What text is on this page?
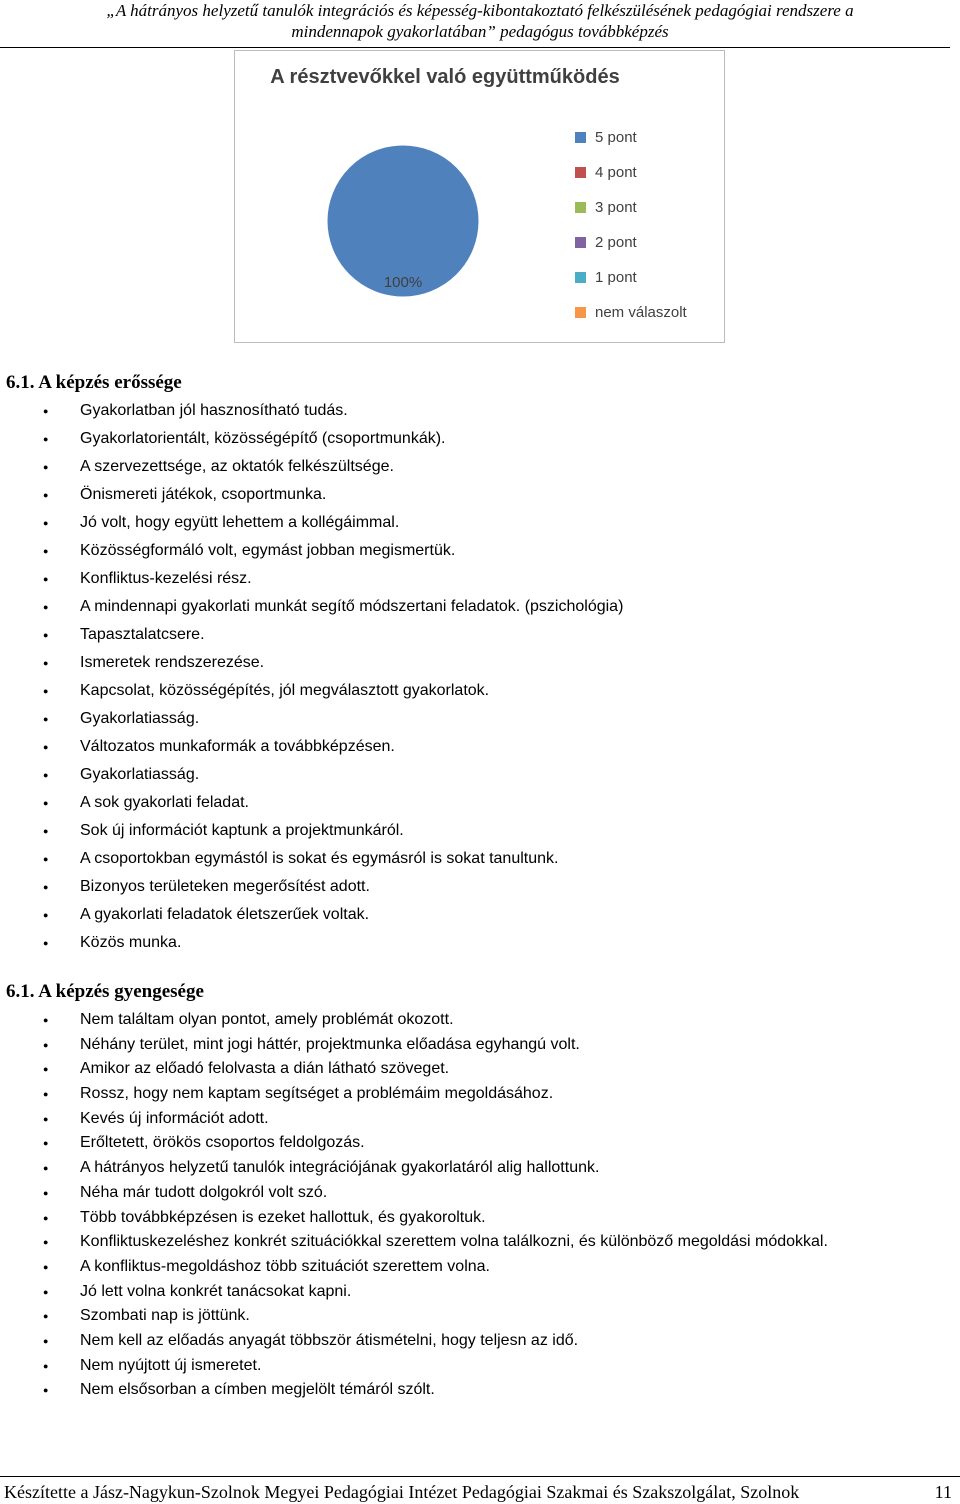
„A hátrányos helyzetű tanulók integrációs és képesség-kibontakoztató felkészülésének pedagógiai rendszere a
mindennapok gyakorlatában” pedagógus továbbképzés
A résztvevőkkel való együttműködés
100%
5 pont
4 pont
3 pont
2 pont
1 pont
nem válaszolt
6.1. A képzés erőssége
● Gyakorlatban jól hasznosítható tudás.
● Gyakorlatorientált, közösségépítő (csoportmunkák).
● A szervezettsége, az oktatók felkészültsége.
● Önismereti játékok, csoportmunka.
● Jó volt, hogy együtt lehettem a kollégáimmal.
● Közösségformáló volt, egymást jobban megismertük.
● Konfliktus-kezelési rész.
● A mindennapi gyakorlati munkát segítő módszertani feladatok. (pszichológia)
● Tapasztalatcsere.
● Ismeretek rendszerezése.
● Kapcsolat, közösségépítés, jól megválasztott gyakorlatok.
● Gyakorlatiasság.
● Változatos munkaformák a továbbképzésen.
● Gyakorlatiasság.
● A sok gyakorlati feladat.
● Sok új információt kaptunk a projektmunkáról.
● A csoportokban egymástól is sokat és egymásról is sokat tanultunk.
● Bizonyos területeken megerősítést adott.
● A gyakorlati feladatok életszerűek voltak.
● Közös munka.
6.1. A képzés gyengesége
● Nem találtam olyan pontot, amely problémát okozott.
● Néhány terület, mint jogi háttér, projektmunka előadása egyhangú volt.
● Amikor az előadó felolvasta a dián látható szöveget.
● Rossz, hogy nem kaptam segítséget a problémáim megoldásához.
● Kevés új információt adott.
● Erőltetett, örökös csoportos feldolgozás.
● A hátrányos helyzetű tanulók integrációjának gyakorlatáról alig hallottunk.
● Néha már tudott dolgokról volt szó.
● Több továbbképzésen is ezeket hallottuk, és gyakoroltuk.
● Konfliktuskezeléshez konkrét szituációkkal szerettem volna találkozni, és különböző megoldási módokkal.
● A konfliktus-megoldáshoz több szituációt szerettem volna.
● Jó lett volna konkrét tanácsokat kapni.
● Szombati nap is jöttünk.
● Nem kell az előadás anyagát többször átismételni, hogy teljesn az idő.
● Nem nyújtott új ismeretet.
● Nem elsősorban a címben megjelölt témáról szólt.
Készítette a Jász-Nagykun-Szolnok Megyei Pedagógiai Intézet Pedagógiai Szakmai és Szakszolgálat, Szolnok	11
